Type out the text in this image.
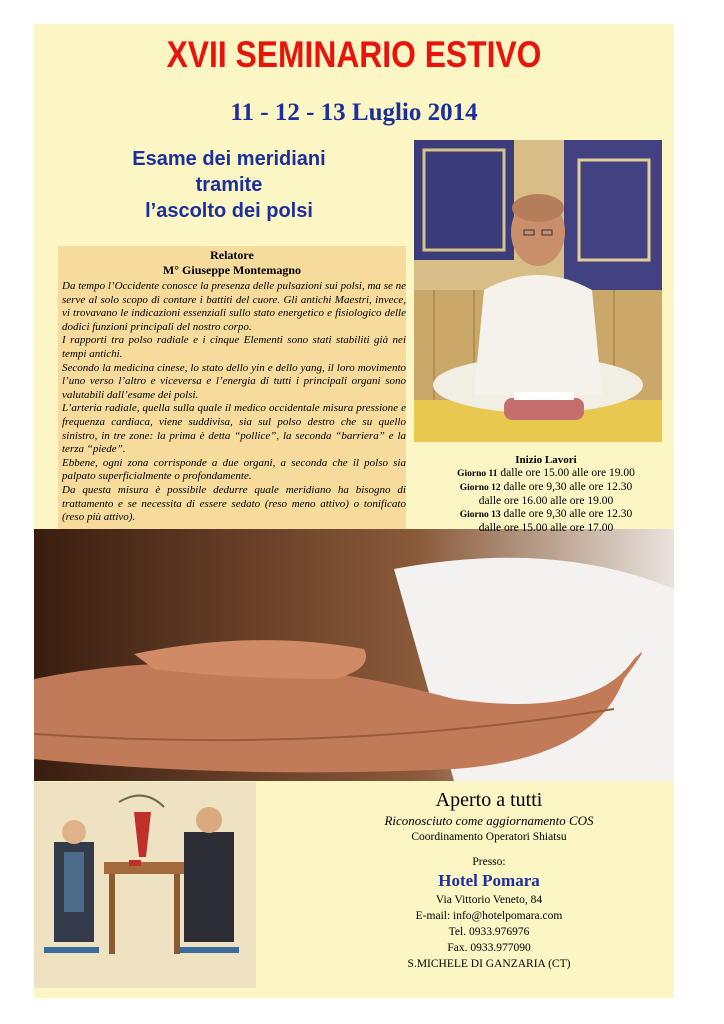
XVII SEMINARIO ESTIVO
11 - 12 - 13 Luglio 2014
Esame dei meridiani
tramite
l’ascolto dei polsi
Relatore
M° Giuseppe Montemagno

Da tempo l’Occidente conosce la presenza delle pulsazioni sui polsi, ma se ne serve al solo scopo di contare i battiti del cuore. Gli antichi Maestri, invece, vi trovavano le indicazioni essenziali sullo stato energetico e fisiologico delle dodici funzioni principali del nostro corpo.

I rapporti tra polso radiale e i cinque Elementi sono stati stabiliti già nei tempi antichi.

Secondo la medicina cinese, lo stato dello yin e dello yang, il loro movimento l’uno verso l’altro e viceversa e l’energia di tutti i principali organi sono valutabili dall’esame dei polsi.

L’arteria radiale, quella sulla quale il medico occidentale misura pressione e frequenza cardiaca, viene suddivisa, sia sul polso destro che su quello sinistro, in tre zone: la prima è detta “pollice”, la seconda “barriera” e la terza “piede”.

Ebbene, ogni zona corrisponde a due organi, a seconda che il polso sia palpato superficialmente o profondamente.

Da questa misura è possibile dedurre quale meridiano ha bisogno di trattamento e se necessita di essere sedato (reso meno attivo) o tonificato (reso più attivo).

Inizio Lavori
Giorno 11 dalle ore 15.00 alle ore 19.00
Giorno 12 dalle ore 9,30 alle ore 12.30
dalle ore 16.00 alle ore 19.00
Giorno 13 dalle ore 9,30 alle ore 12.30
dalle ore 15.00 alle ore 17.00
Aperto a tutti
Riconosciuto come aggiornamento COS
Coordinamento Operatori Shiatsu
Presso:
Hotel Pomara
Via Vittorio Veneto, 84
E-mail: info@hotelpomara.com
Tel. 0933.976976
Fax. 0933.977090
S.MICHELE DI GANZARIA (CT)
